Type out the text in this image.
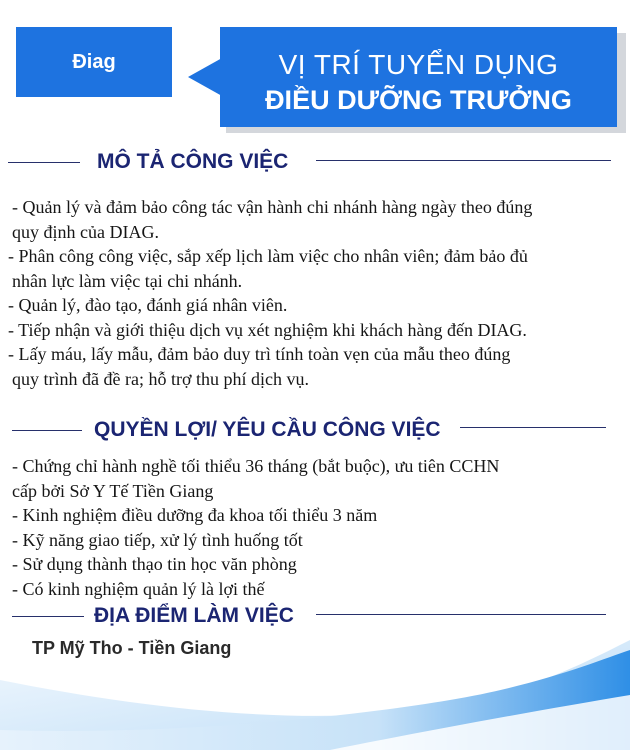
Điag	VỊ TRÍ TUYỂN DỤNG
ĐIỀU DƯỠNG TRƯỞNG
MÔ TẢ CÔNG VIỆC

- Quản lý và đảm bảo công tác vận hành chi nhánh hàng ngày theo đúng

quy định của DIAG.

- Phân công công việc, sắp xếp lịch làm việc cho nhân viên; đảm bảo đủ

nhân lực làm việc tại chi nhánh.

- Quản lý, đào tạo, đánh giá nhân viên.

- Tiếp nhận và giới thiệu dịch vụ xét nghiệm khi khách hàng đến DIAG.

- Lấy máu, lấy mẫu, đảm bảo duy trì tính toàn vẹn của mẫu theo đúng

quy trình đã đề ra; hỗ trợ thu phí dịch vụ.

QUYỀN LỢI/ YÊU CẦU CÔNG VIỆC

- Chứng chỉ hành nghề tối thiểu 36 tháng (bắt buộc), ưu tiên CCHN

cấp bởi Sở Y Tế Tiền Giang

- Kinh nghiệm điều dưỡng đa khoa tối thiểu 3 năm

- Kỹ năng giao tiếp, xử lý tình huống tốt

- Sử dụng thành thạo tin học văn phòng

- Có kinh nghiệm quản lý là lợi thế

ĐỊA ĐIỂM LÀM VIỆC
TP Mỹ Tho - Tiền Giang
